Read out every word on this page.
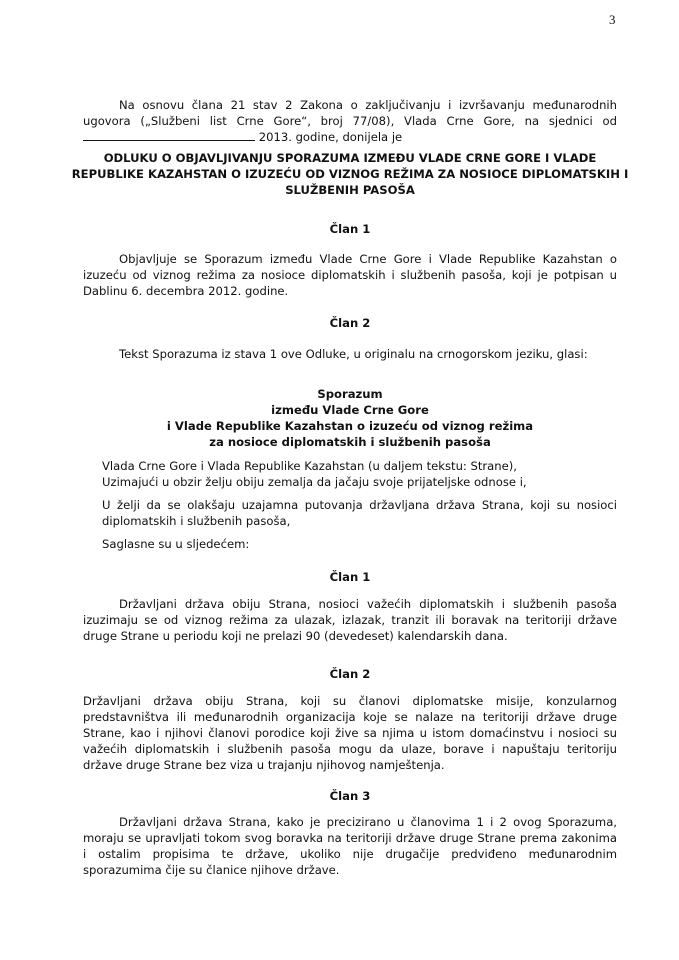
3
Na osnovu člana 21 stav 2 Zakona o zaključivanju i izvršavanju međunarodnih ugovora („Službeni list Crne Gore“, broj 77/08), Vlada Crne Gore, na sjednici od  2013. godine, donijela je
ODLUKU O OBJAVLJIVANJU SPORAZUMA IZMEĐU VLADE CRNE GORE I VLADE REPUBLIKE KAZAHSTAN O IZUZEĆU OD VIZNOG REŽIMA ZA NOSIOCE DIPLOMATSKIH I SLUŽBENIH PASOŠA
Član 1
Objavljuje se Sporazum između Vlade Crne Gore i Vlade Republike Kazahstan o izuzeću od viznog režima za nosioce diplomatskih i službenih pasoša, koji je potpisan u Dablinu 6. decembra 2012. godine.
Član 2
Tekst Sporazuma iz stava 1 ove Odluke, u originalu na crnogorskom jeziku, glasi:

Sporazum

između Vlade Crne Gore

i Vlade Republike Kazahstan o izuzeću od viznog režima

za nosioce diplomatskih i službenih pasoša

Vlada Crne Gore i Vlada Republike Kazahstan (u daljem tekstu: Strane),
Uzimajući u obzir želju obiju zemalja da jačaju svoje prijateljske odnose i,
U želji da se olakšaju uzajamna putovanja državljana država Strana, koji su nosioci diplomatskih i službenih pasoša,
Saglasne su u sljedećem:
Član 1
Državljani država obiju Strana, nosioci važećih diplomatskih i službenih pasoša izuzimaju se od viznog režima za ulazak, izlazak, tranzit ili boravak na teritoriji države druge Strane u periodu koji ne prelazi 90 (devedeset) kalendarskih dana.
Član 2
Državljani država obiju Strana, koji su članovi diplomatske misije, konzularnog predstavništva ili međunarodnih organizacija koje se nalaze na teritoriji države druge Strane, kao i njihovi članovi porodice koji žive sa njima u istom domaćinstvu i nosioci su važećih diplomatskih i službenih pasoša mogu da ulaze, borave i napuštaju teritoriju države druge Strane bez viza u trajanju njihovog namještenja.
Član 3
Državljani država Strana, kako je precizirano u članovima 1 i 2 ovog Sporazuma, moraju se upravljati tokom svog boravka na teritoriji države druge Strane prema zakonima i ostalim propisima te države, ukoliko nije drugačije predviđeno međunarodnim sporazumima čije su članice njihove države.
